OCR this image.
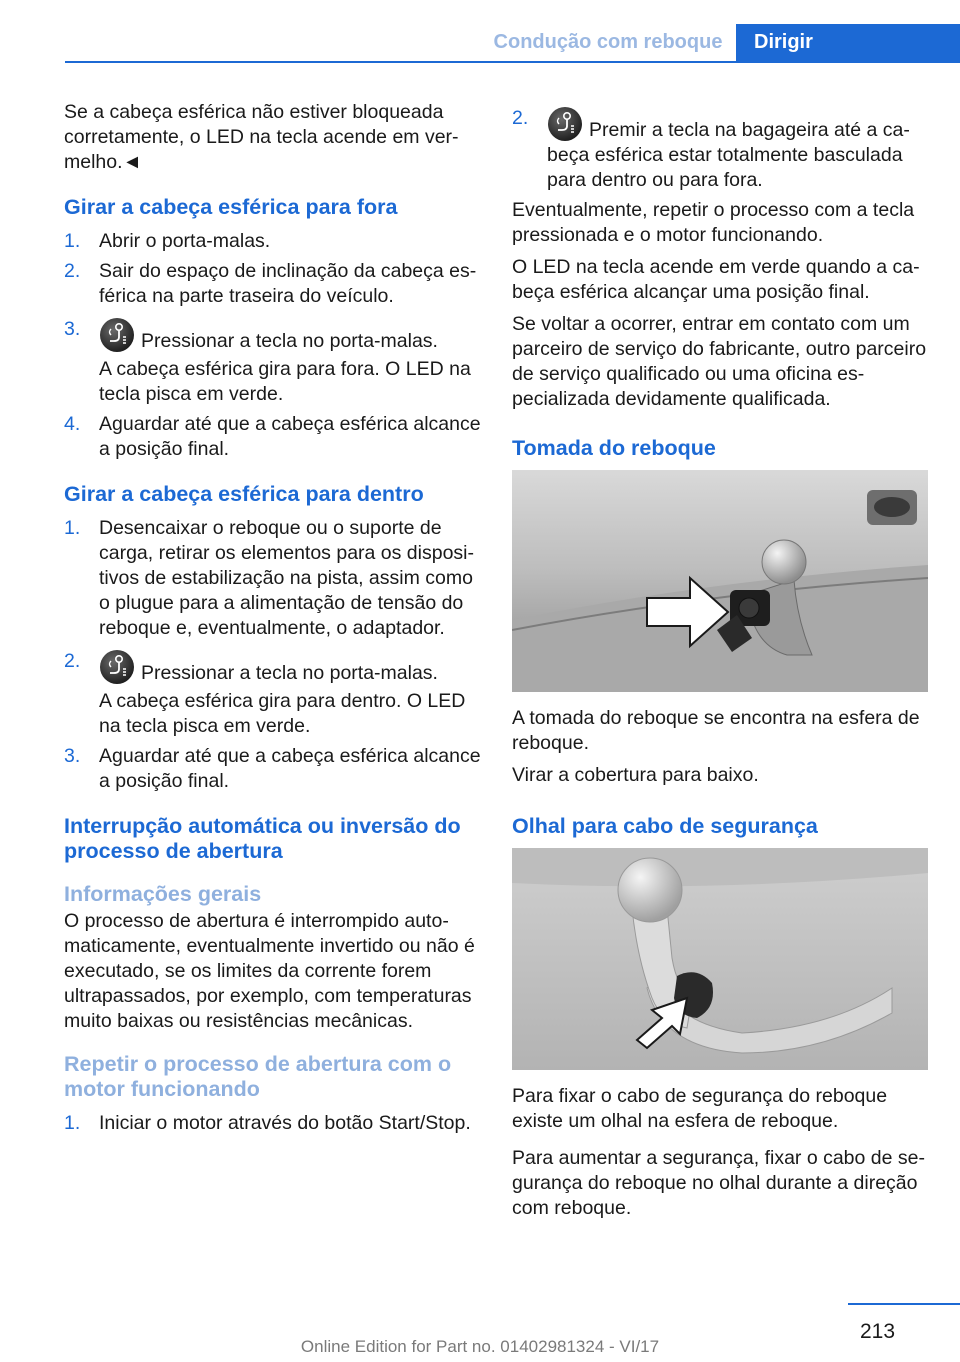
Condução com reboque	Dirigir

Se a cabeça esférica não estiver bloqueada corretamente, o LED na tecla acende em vermelho.◄

Girar a cabeça esférica para fora
1. Abrir o porta-malas.
2. Sair do espaço de inclinação da cabeça esférica na parte traseira do veículo.
3.
Pressionar a tecla no porta-malas.
A cabeça esférica gira para fora. O LED na tecla pisca em verde.
4. Aguardar até que a cabeça esférica alcance a posição final.
Girar a cabeça esférica para dentro
1. Desencaixar o reboque ou o suporte de carga, retirar os elementos para os dispositivos de estabilização na pista, assim como o plugue para a alimentação de tensão do reboque e, eventualmente, o adaptador.
2.
Pressionar a tecla no porta-malas.
A cabeça esférica gira para dentro. O LED na tecla pisca em verde.
3. Aguardar até que a cabeça esférica alcance a posição final.
Interrupção automática ou inversão do processo de abertura
Informações gerais

O processo de abertura é interrompido automaticamente, eventualmente invertido ou não é executado, se os limites da corrente forem ultrapassados, por exemplo, com temperaturas muito baixas ou resistências mecânicas.

Repetir o processo de abertura com o motor funcionando
1. Iniciar o motor através do botão Start/Stop.
2.
Premir a tecla na bagageira até a cabeça esférica estar totalmente basculada para dentro ou para fora.

Eventualmente, repetir o processo com a tecla pressionada e o motor funcionando.

O LED na tecla acende em verde quando a cabeça esférica alcançar uma posição final.

Se voltar a ocorrer, entrar em contato com um parceiro de serviço do fabricante, outro parceiro de serviço qualificado ou uma oficina especializada devidamente qualificada.

Tomada do reboque

A tomada do reboque se encontra na esfera de reboque.

Virar a cobertura para baixo.

Olhal para cabo de segurança

Para fixar o cabo de segurança do reboque existe um olhal na esfera de reboque.

Para aumentar a segurança, fixar o cabo de segurança do reboque no olhal durante a direção com reboque.

213
Online Edition for Part no. 01402981324 - VI/17
